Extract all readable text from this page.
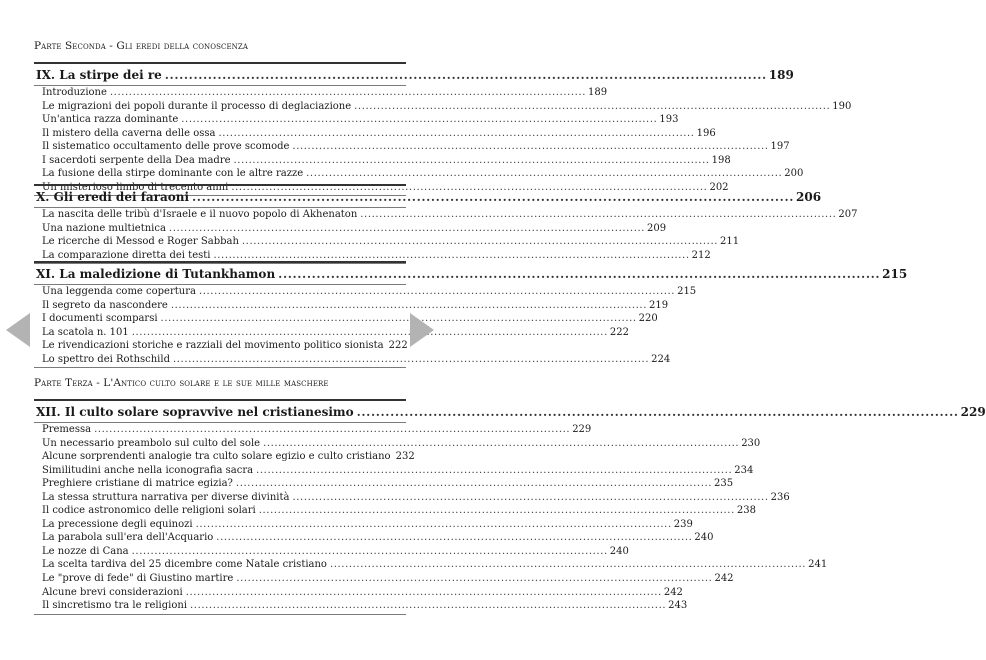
Parte Seconda - Gli eredi della conoscenza
IX. La stirpe dei re .............................................................................................................................. 189
Introduzione .............................................................................................................................. 189
Le migrazioni dei popoli durante il processo di deglaciazione .............................................................................................................................. 190
Un'antica razza dominante .............................................................................................................................. 193
Il mistero della caverna delle ossa .............................................................................................................................. 196
Il sistematico occultamento delle prove scomode .............................................................................................................................. 197
I sacerdoti serpente della Dea madre .............................................................................................................................. 198
La fusione della stirpe dominante con le altre razze .............................................................................................................................. 200
Un misterioso limbo di trecento anni .............................................................................................................................. 202
X. Gli eredi dei faraoni .............................................................................................................................. 206
La nascita delle tribù d'Israele e il nuovo popolo di Akhenaton .............................................................................................................................. 207
Una nazione multietnica .............................................................................................................................. 209
Le ricerche di Messod e Roger Sabbah .............................................................................................................................. 211
La comparazione diretta dei testi .............................................................................................................................. 212
XI. La maledizione di Tutankhamon .............................................................................................................................. 215
Una leggenda come copertura .............................................................................................................................. 215
Il segreto da nascondere .............................................................................................................................. 219
I documenti scomparsi .............................................................................................................................. 220
La scatola n. 101 .............................................................................................................................. 222
Le rivendicazioni storiche e razziali del movimento politico sionista 222
Lo spettro dei Rothschild .............................................................................................................................. 224
Parte Terza - L'Antico culto solare e le sue mille maschere
XII. Il culto solare sopravvive nel cristianesimo .............................................................................................................................. 229
Premessa .............................................................................................................................. 229
Un necessario preambolo sul culto del sole .............................................................................................................................. 230
Alcune sorprendenti analogie tra culto solare egizio e culto cristiano 232
Similitudini anche nella iconografia sacra .............................................................................................................................. 234
Preghiere cristiane di matrice egizia? .............................................................................................................................. 235
La stessa struttura narrativa per diverse divinità .............................................................................................................................. 236
Il codice astronomico delle religioni solari .............................................................................................................................. 238
La precessione degli equinozi .............................................................................................................................. 239
La parabola sull'era dell'Acquario .............................................................................................................................. 240
Le nozze di Cana .............................................................................................................................. 240
La scelta tardiva del 25 dicembre come Natale cristiano .............................................................................................................................. 241
Le "prove di fede" di Giustino martire .............................................................................................................................. 242
Alcune brevi considerazioni .............................................................................................................................. 242
Il sincretismo tra le religioni .............................................................................................................................. 243
